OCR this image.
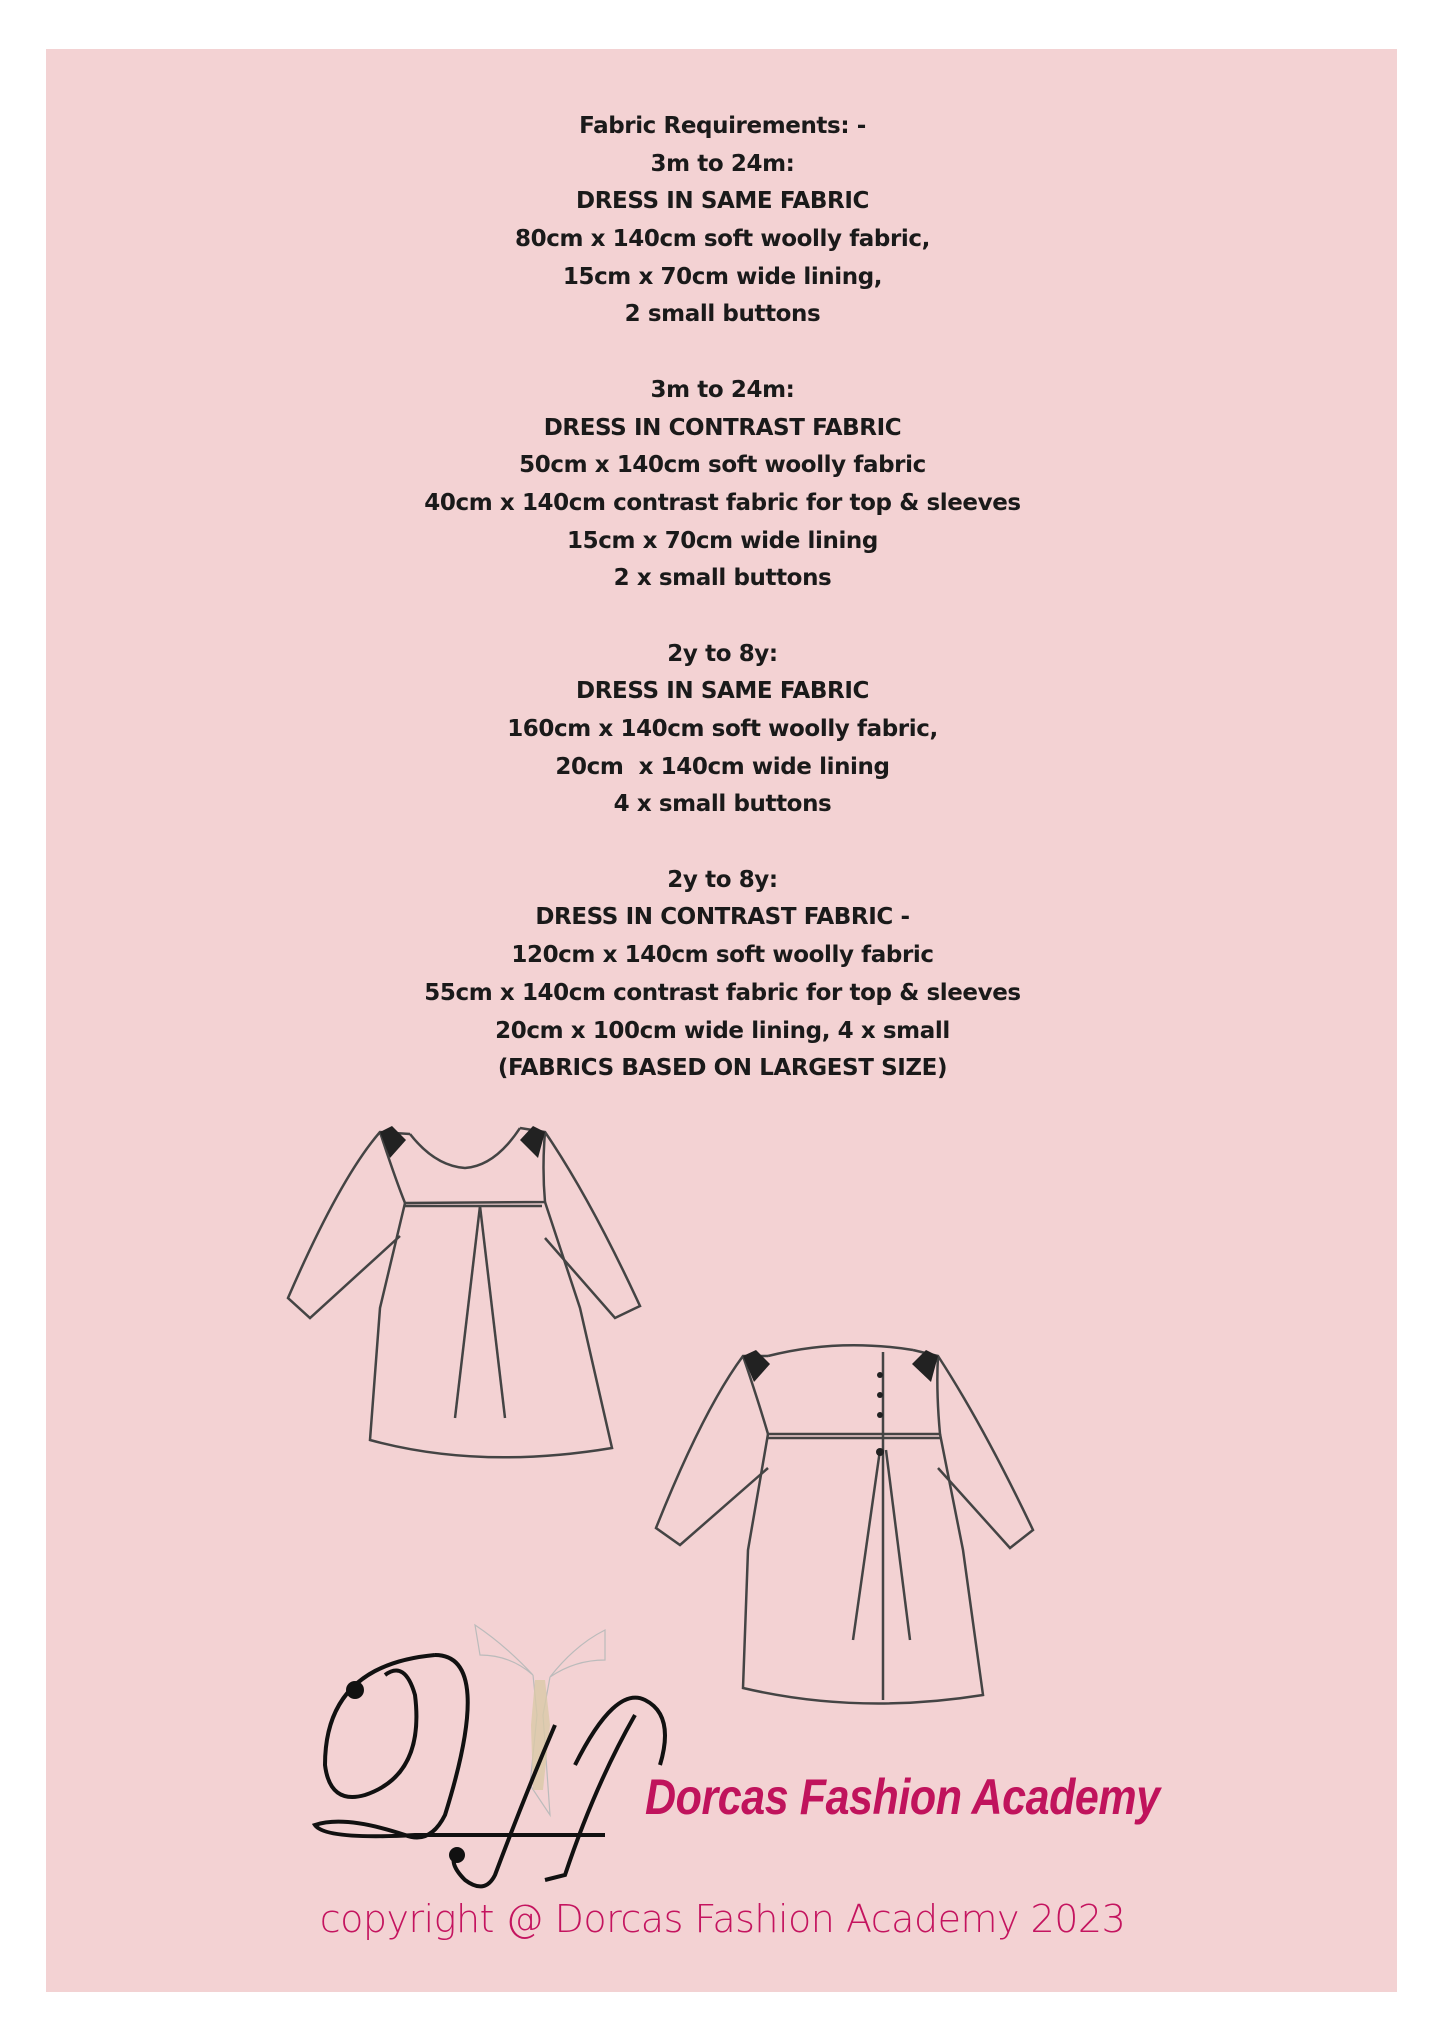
Fabric Requirements: -
3m to 24m:
DRESS IN SAME FABRIC
80cm x 140cm soft woolly fabric,
15cm x 70cm wide lining,
2 small buttons
3m to 24m:
DRESS IN CONTRAST FABRIC
50cm x 140cm soft woolly fabric
40cm x 140cm contrast fabric for top & sleeves
15cm x 70cm wide lining
2 x small buttons
2y to 8y:
DRESS IN SAME FABRIC
160cm x 140cm soft woolly fabric,
20cm  x 140cm wide lining
4 x small buttons
2y to 8y:
DRESS IN CONTRAST FABRIC -
120cm x 140cm soft woolly fabric
55cm x 140cm contrast fabric for top & sleeves
20cm x 100cm wide lining, 4 x small
(FABRICS BASED ON LARGEST SIZE)
Dorcas Fashion Academy
copyright @ Dorcas Fashion Academy 2023
